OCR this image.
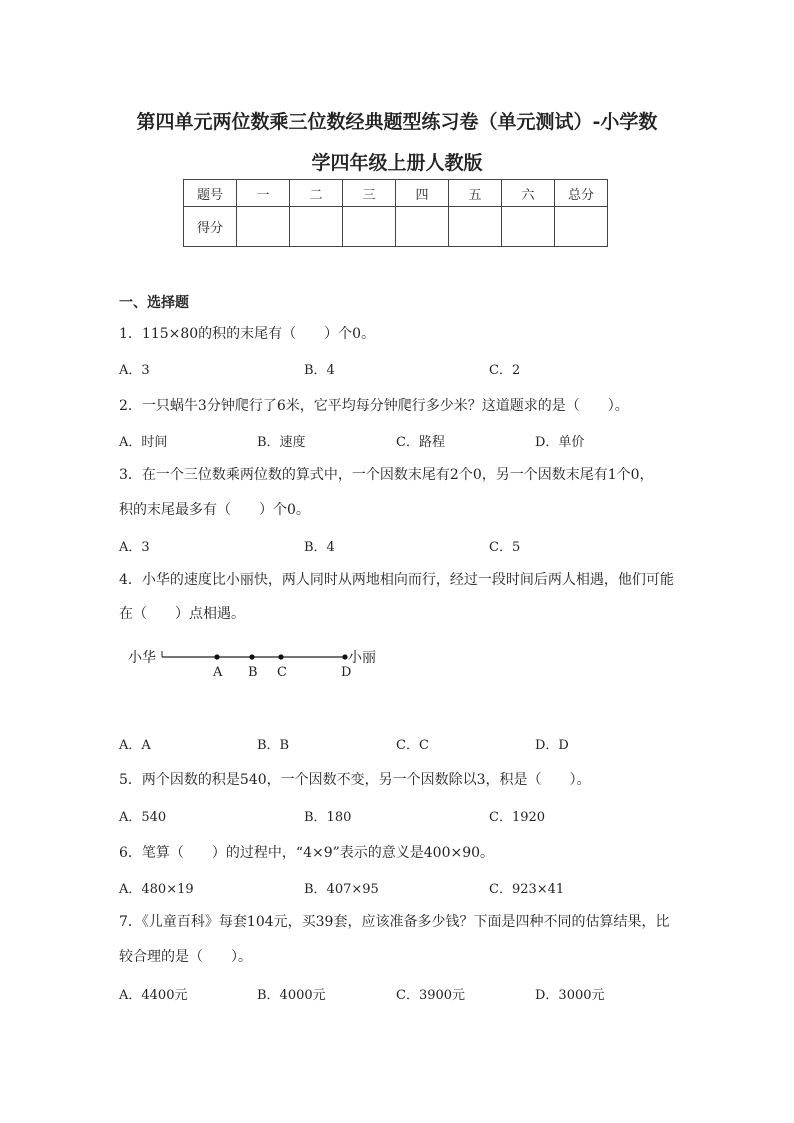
第四单元两位数乘三位数经典题型练习卷（单元测试）-小学数
学四年级上册人教版
题号	一	二	三	四	五	六	总分
得分							
一、选择题
1．115×80的积的末尾有（　　）个0。
A．3	B．4	C．2
2．一只蜗牛3分钟爬行了6米，它平均每分钟爬行多少米？这道题求的是（　　）。
A．时间	B．速度	C．路程	D．单价
3．在一个三位数乘两位数的算式中，一个因数末尾有2个0，另一个因数末尾有1个0，
积的末尾最多有（　　）个0。
A．3	B．4	C．5
4．小华的速度比小丽快，两人同时从两地相向而行，经过一段时间后两人相遇，他们可能
在（　　）点相遇。
小华	小丽
A B C	D
A．A	B．B	C．C	D．D
5．两个因数的积是540，一个因数不变，另一个因数除以3，积是（　　）。
A．540	B．180	C．1920
6．笔算（　　）的过程中，“4×9”表示的意义是400×90。
A．480×19	B．407×95	C．923×41
7．《儿童百科》每套104元，买39套，应该准备多少钱？下面是四种不同的估算结果，比
较合理的是（　　）。
A．4400元	B．4000元	C．3900元	D．3000元
